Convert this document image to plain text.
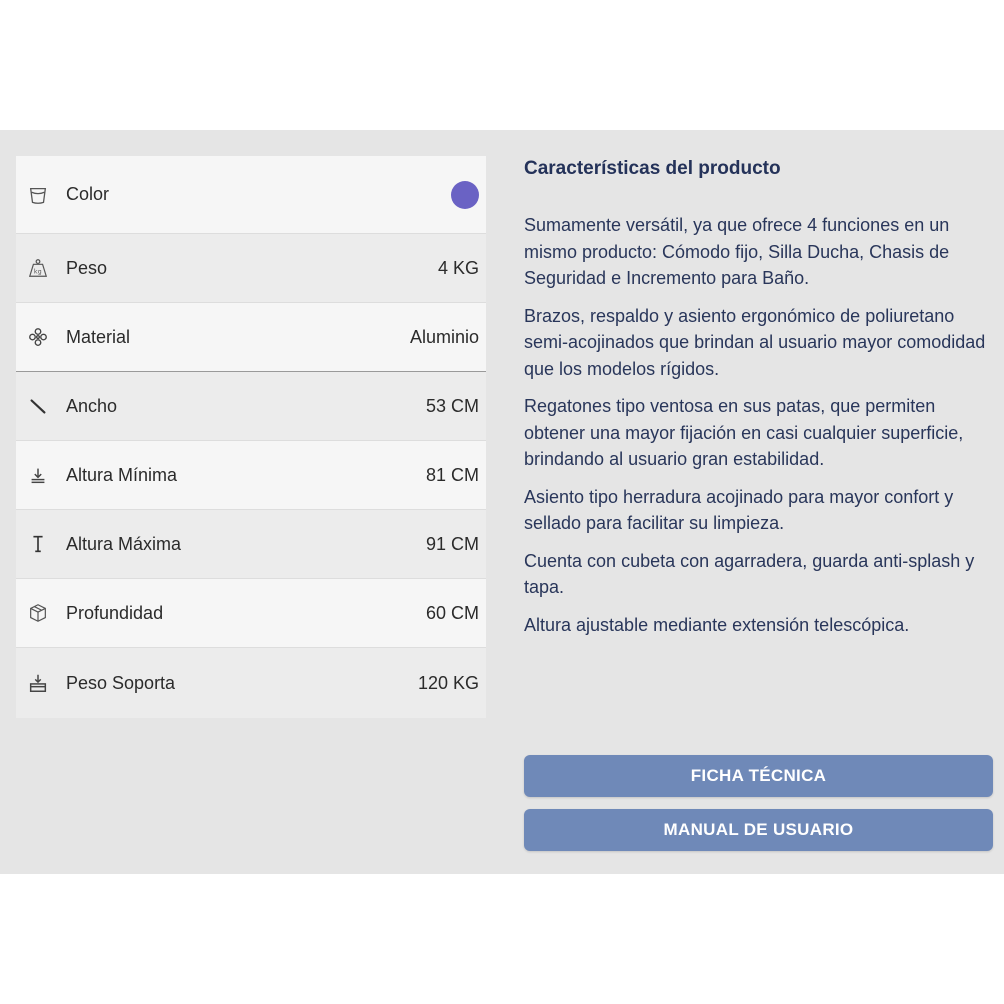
Color
kg Peso	4 KG
Material	Aluminio
Ancho	53 CM
Altura Mínima	81 CM
Altura Máxima	91 CM
Profundidad	60 CM
Peso Soporta	120 KG
Características del producto

Sumamente versátil, ya que ofrece 4 funciones en un mismo producto: Cómodo fijo, Silla Ducha, Chasis de Seguridad e Incremento para Baño.

Brazos, respaldo y asiento ergonómico de poliuretano semi-acojinados que brindan al usuario mayor comodidad que los modelos rígidos.

Regatones tipo ventosa en sus patas, que permiten obtener una mayor fijación en casi cualquier superficie, brindando al usuario gran estabilidad.

Asiento tipo herradura acojinado para mayor confort y sellado para facilitar su limpieza.

Cuenta con cubeta con agarradera, guarda anti-splash y tapa.

Altura ajustable mediante extensión telescópica.

FICHA TÉCNICA
MANUAL DE USUARIO
